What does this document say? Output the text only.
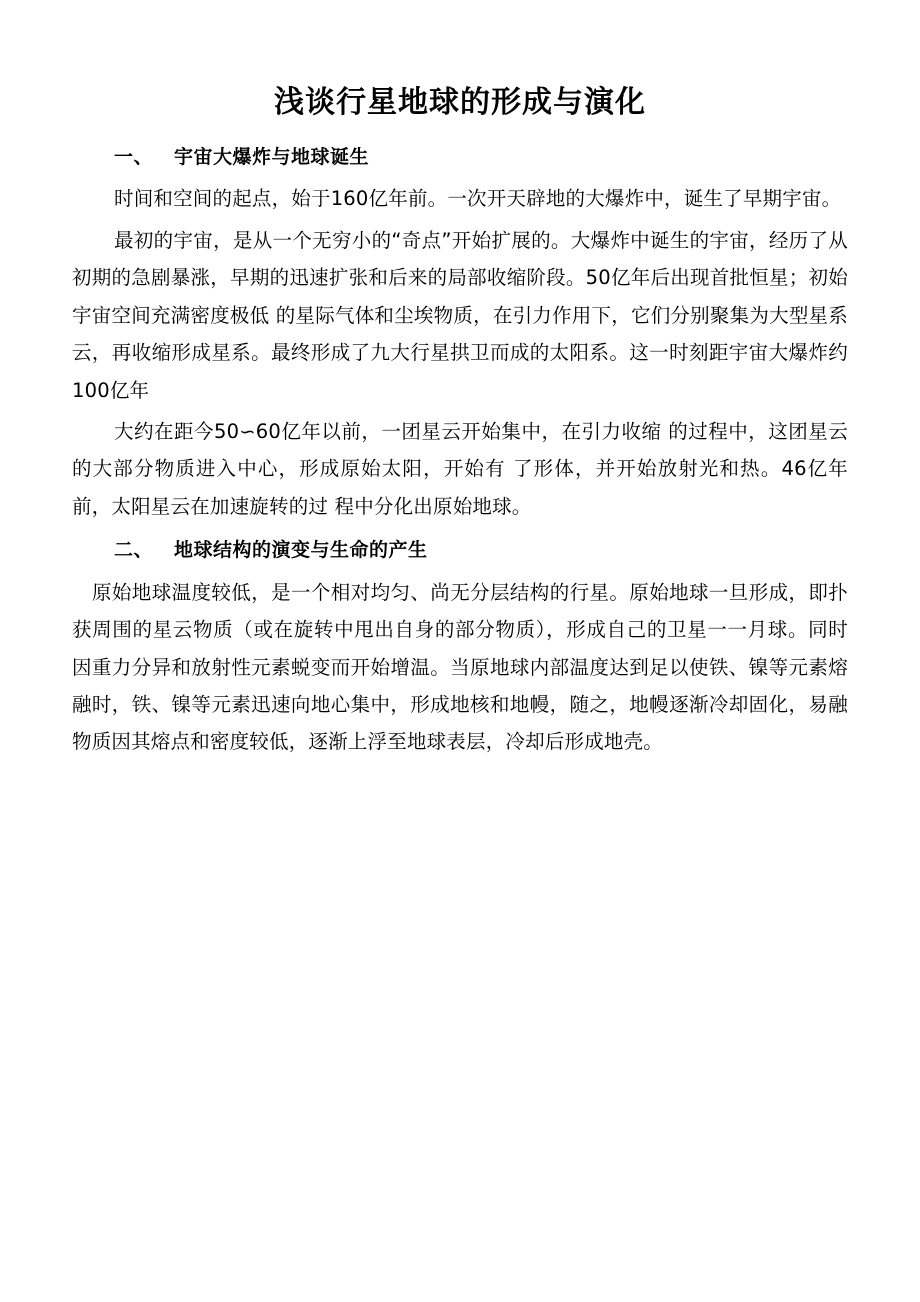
浅谈行星地球的形成与演化
一、 宇宙大爆炸与地球诞生

时间和空间的起点，始于160亿年前。一次开天辟地的大爆炸中，诞生了早期宇宙。

最初的宇宙，是从一个无穷小的“奇点”开始扩展的。大爆炸中诞生的宇宙，经历了从初期的急剧暴涨，早期的迅速扩张和后来的局部收缩阶段。50亿年后出现首批恒星；初始宇宙空间充满密度极低 的星际气体和尘埃物质，在引力作用下，它们分别聚集为大型星系云，再收缩形成星系。最终形成了九大行星拱卫而成的太阳系。这一时刻距宇宙大爆炸约100亿年

大约在距今50∽60亿年以前，一团星云开始集中，在引力收缩 的过程中，这团星云的大部分物质进入中心，形成原始太阳，开始有 了形体，并开始放射光和热。46亿年前，太阳星云在加速旋转的过 程中分化出原始地球。

二、 地球结构的演变与生命的产生

原始地球温度较低，是一个相对均匀、尚无分层结构的行星。原始地球一旦形成，即扑获周围的星云物质（或在旋转中甩出自身的部分物质），形成自己的卫星一一月球。同时因重力分异和放射性元素蜕变而开始增温。当原地球内部温度达到足以使铁、镍等元素熔融时，铁、镍等元素迅速向地心集中，形成地核和地幔，随之，地幔逐渐冷却固化，易融物质因其熔点和密度较低，逐渐上浮至地球表层，冷却后形成地壳。
